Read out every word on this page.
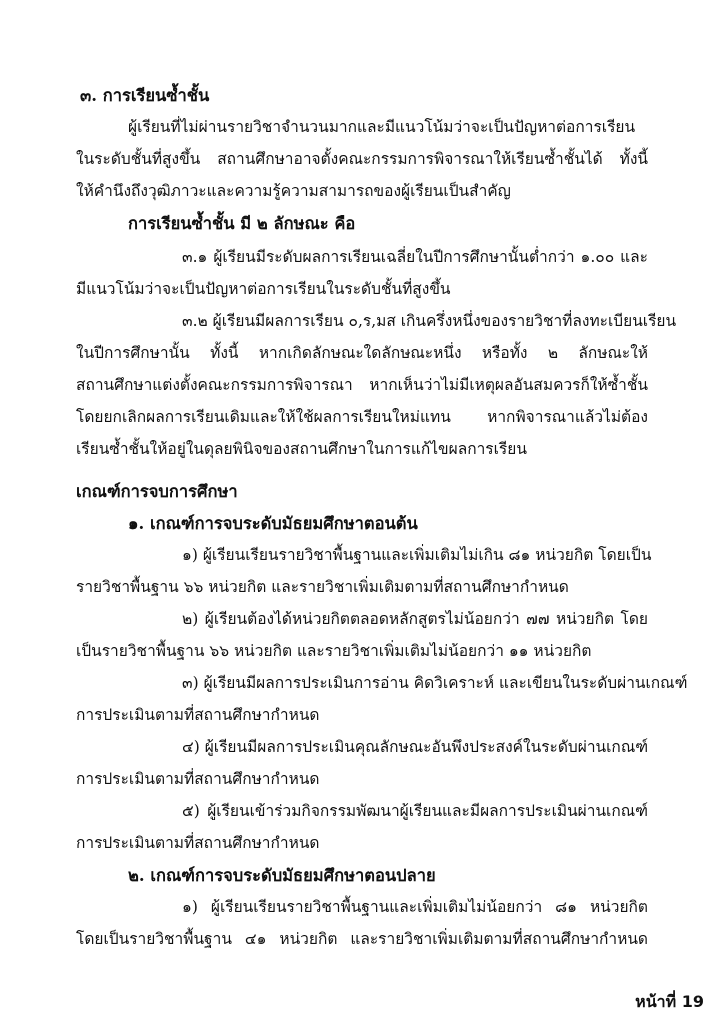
๓. การเรียนซ้ำชั้น
ผู้เรียนที่ไม่ผ่านรายวิชาจำนวนมากและมีแนวโน้มว่าจะเป็นปัญหาต่อการเรียน
ในระดับชั้นที่สูงขึ้น สถานศึกษาอาจตั้งคณะกรรมการพิจารณาให้เรียนซ้ำชั้นได้ ทั้งนี้
ให้คำนึงถึงวุฒิภาวะและความรู้ความสามารถของผู้เรียนเป็นสำคัญ
การเรียนซ้ำชั้น มี ๒ ลักษณะ คือ
๓.๑ ผู้เรียนมีระดับผลการเรียนเฉลี่ยในปีการศึกษานั้นต่ำกว่า ๑.๐๐ และ
มีแนวโน้มว่าจะเป็นปัญหาต่อการเรียนในระดับชั้นที่สูงขึ้น
๓.๒ ผู้เรียนมีผลการเรียน ๐,ร,มส เกินครึ่งหนึ่งของรายวิชาที่ลงทะเบียนเรียน
ในปีการศึกษานั้น ทั้งนี้ หากเกิดลักษณะใดลักษณะหนึ่ง หรือทั้ง ๒ ลักษณะให้
สถานศึกษาแต่งตั้งคณะกรรมการพิจารณา หากเห็นว่าไม่มีเหตุผลอันสมควรก็ให้ซ้ำชั้น
โดยยกเลิกผลการเรียนเดิมและให้ใช้ผลการเรียนใหม่แทน หากพิจารณาแล้วไม่ต้อง
เรียนซ้ำชั้นให้อยู่ในดุลยพินิจของสถานศึกษาในการแก้ไขผลการเรียน
เกณฑ์การจบการศึกษา
๑. เกณฑ์การจบระดับมัธยมศึกษาตอนต้น
๑) ผู้เรียนเรียนรายวิชาพื้นฐานและเพิ่มเติมไม่เกิน ๘๑ หน่วยกิต โดยเป็น
รายวิชาพื้นฐาน ๖๖ หน่วยกิต และรายวิชาเพิ่มเติมตามที่สถานศึกษากำหนด
๒) ผู้เรียนต้องได้หน่วยกิตตลอดหลักสูตรไม่น้อยกว่า ๗๗ หน่วยกิต โดย
เป็นรายวิชาพื้นฐาน ๖๖ หน่วยกิต และรายวิชาเพิ่มเติมไม่น้อยกว่า ๑๑ หน่วยกิต
๓) ผู้เรียนมีผลการประเมินการอ่าน คิดวิเคราะห์ และเขียนในระดับผ่านเกณฑ์
การประเมินตามที่สถานศึกษากำหนด
๔) ผู้เรียนมีผลการประเมินคุณลักษณะอันพึงประสงค์ในระดับผ่านเกณฑ์
การประเมินตามที่สถานศึกษากำหนด
๕) ผู้เรียนเข้าร่วมกิจกรรมพัฒนาผู้เรียนและมีผลการประเมินผ่านเกณฑ์
การประเมินตามที่สถานศึกษากำหนด
๒. เกณฑ์การจบระดับมัธยมศึกษาตอนปลาย
๑) ผู้เรียนเรียนรายวิชาพื้นฐานและเพิ่มเติมไม่น้อยกว่า ๘๑ หน่วยกิต
โดยเป็นรายวิชาพื้นฐาน ๔๑ หน่วยกิต และรายวิชาเพิ่มเติมตามที่สถานศึกษากำหนด
หน้าที่ 19
